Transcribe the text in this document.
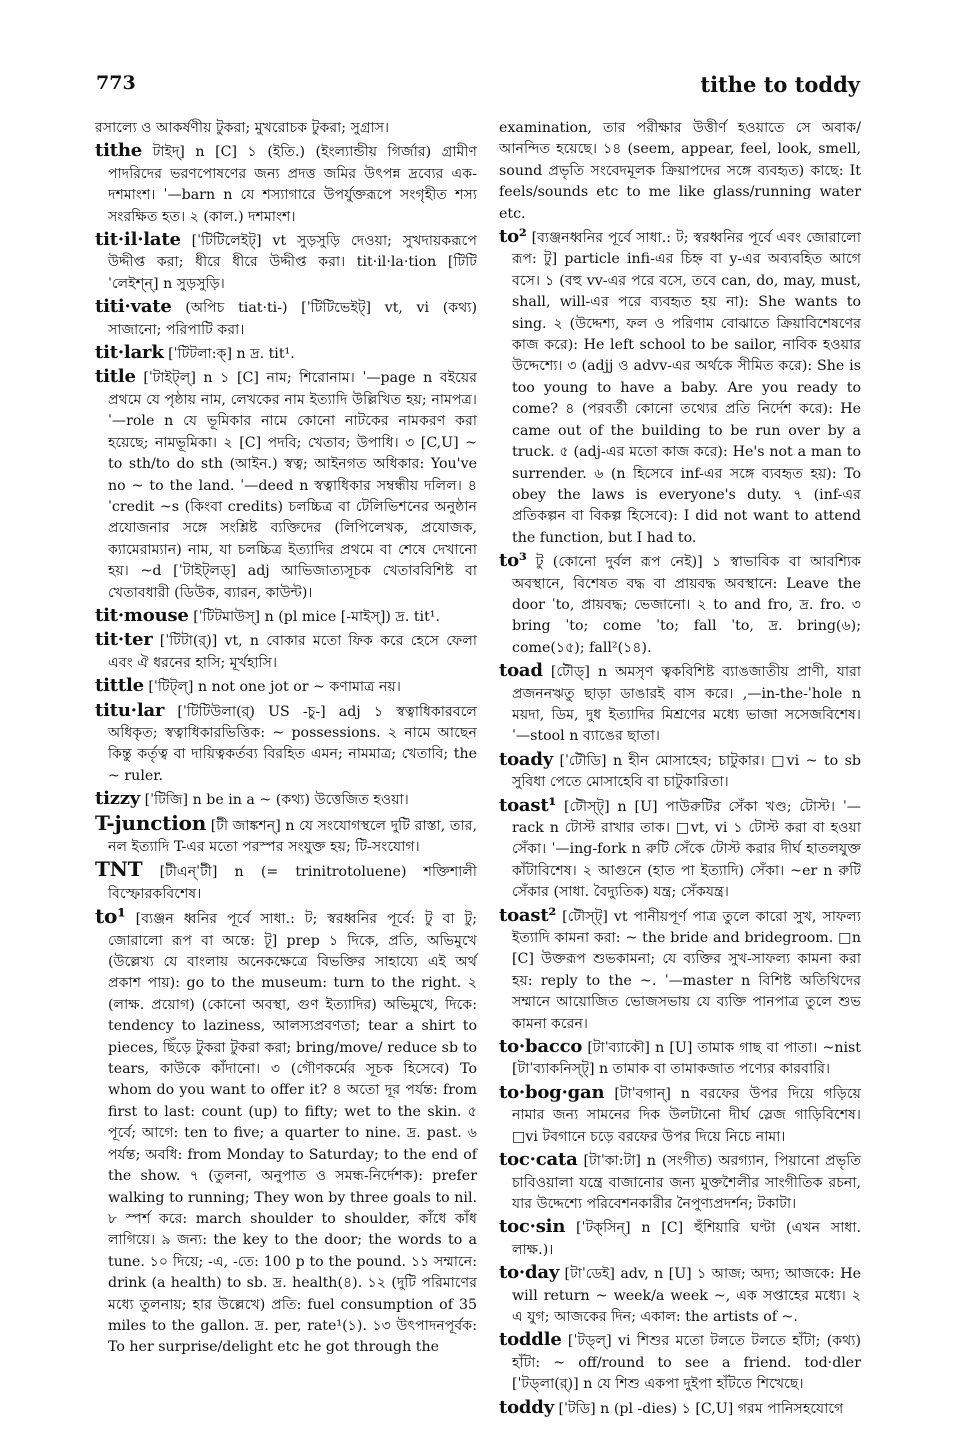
773	tithe to toddy

রসাল্যে ও আকর্ষণীয় টুকরা; মুখরোচক টুকরা; সুগ্রাস।

tithe টাইদ্‌] n [C] ১ (ইতি.) (ইংল্যান্ডীয় গির্জার) গ্রামীণ পাদরিদের ভরণপোষণের জন্য প্রদত্ত জমির উৎপন্ন দ্রব্যের এক-দশমাংশ। ˈ—barn n যে শস্যাগারে উপর্যুক্তরূপে সংগৃহীত শস্য সংরক্ষিত হত। ২ (কাল.) দশমাংশ।

tit·il·late [ˈটিটিলেইট্‌] vt সুড়সুড়ি দেওয়া; সুখদায়করূপে উদ্দীপ্ত করা; ধীরে ধীরে উদ্দীপ্ত করা। tit·il·la·tion [টিটিˈলেইশ্‌ন্‌] n সুড়সুড়ি।

titi·vate (অপিচ tiat·ti-) [ˈটিটিভেইট্‌] vt, vi (কথ্য) সাজানো; পরিপাটি করা।

tit·lark [ˈটিটলা:ক্‌] n দ্র. tit¹.

title [ˈটাইট্‌ল্‌] n ১ [C] নাম; শিরোনাম। ˈ—page n বইয়ের প্রথমে যে পৃষ্ঠায় নাম, লেখকের নাম ইত্যাদি উল্লিখিত হয়; নামপত্র। ˈ—role n যে ভূমিকার নামে কোনো নাটকের নামকরণ করা হয়েছে; নামভূমিকা। ২ [C] পদবি; খেতাব; উপাধি। ৩ [C,U] ~ to sth/to do sth (আইন.) স্বত্ব; আইনগত অধিকার: You've no ~ to the land. ˈ—deed n স্বত্বাধিকার সম্বন্ধীয় দলিল। ৪ ˈcredit ~s (কিংবা credits) চলচ্চিত্র বা টেলিভিশনের অনুষ্ঠান প্রযোজনার সঙ্গে সংশ্লিষ্ট ব্যক্তিদের (লিপিলেখক, প্রযোজক, ক্যামেরাম্যান) নাম, যা চলচ্চিত্র ইত্যাদির প্রথমে বা শেষে দেখানো হয়। ~d [ˈটাইট্‌লড্‌] adj আভিজাত্যসূচক খেতাববিশিষ্ট বা খেতাবধারী (ডিউক, ব্যারন, কাউন্ট)।

tit·mouse [ˈটিটমাউস্‌] n (pl mice [-মাইস্‌]) দ্র. tit¹.

tit·ter [ˈটিটা(র্‌)] vt, n বোকার মতো ফিক করে হেসে ফেলা এবং ঐ ধরনের হাসি; মূর্খহাসি।

tittle [ˈটিট্‌ল্‌] n not one jot or ~ কণামাত্র নয়।

titu·lar [ˈটিটিউলা(র্‌) US -চু-] adj ১ স্বত্বাধিকারবলে অধিকৃত; স্বত্বাধিকারভিত্তিক: ~ possessions. ২ নামে আছেন কিন্তু কর্তৃত্ব বা দায়িত্বকর্তব্য বিরহিত এমন; নামমাত্র; খেতাবি; the ~ ruler.

tizzy [ˈটিজি] n be in a ~ (কথ্য) উত্তেজিত হওয়া।

T-junction [টী জাঙ্কশন্‌] n যে সংযোগস্থলে দুটি রাস্তা, তার, নল ইত্যাদি T-এর মতো পরস্পর সংযুক্ত হয়; টি-সংযোগ।

TNT [টীএন্‌ˈটী] n (= trinitrotoluene) শক্তিশালী বিস্ফোরকবিশেষ।

to¹ [ব্যঞ্জন ধ্বনির পূর্বে সাধা.: ট; স্বরধ্বনির পূর্বে: টু বা টু; জোরালো রূপ বা অন্তে: টূ] prep ১ দিকে, প্রতি, অভিমুখে (উল্লেখ্য যে বাংলায় অনেকক্ষেত্রে বিভক্তির সাহায্যে এই অর্থ প্রকাশ পায়): go to the museum: turn to the right. ২ (লাক্ষ. প্রয়োগ) (কোনো অবস্থা, গুণ ইত্যাদির) অভিমুখে, দিকে: tendency to laziness, আলস্যপ্রবণতা; tear a shirt to pieces, ছিঁড়ে টুকরা টুকরা করা; bring/move/ reduce sb to tears, কাউকে কাঁদানো। ৩ (গৌণকর্মের সূচক হিসেবে) To whom do you want to offer it? ৪ অতো দূর পর্যন্ত: from first to last: count (up) to fifty; wet to the skin. ৫ পূর্বে; আগে: ten to five; a quarter to nine. দ্র. past. ৬ পর্যন্ত; অবধি: from Monday to Saturday; to the end of the show. ৭ (তুলনা, অনুপাত ও সমন্ধ-নির্দেশক): prefer walking to running; They won by three goals to nil. ৮ স্পর্শ করে: march shoulder to shoulder, কাঁধে কাঁধ লাগিয়ে। ৯ জন্য: the key to the door; the words to a tune. ১০ দিয়ে; -এ, -তে: 100 p to the pound. ১১ সম্মানে: drink (a health) to sb. দ্র. health(৪). ১২ (দুটি পরিমাণের মধ্যে তুলনায়; হার উল্লেখে) প্রতি: fuel consumption of 35 miles to the gallon. দ্র. per, rate¹(১). ১৩ উৎপাদনপূর্বক: To her surprise/delight etc he got through the

examination, তার পরীক্ষার উত্তীর্ণ হওয়াতে সে অবাক/ আনন্দিত হয়েছে। ১৪ (seem, appear, feel, look, smell, sound প্রভৃতি সংবেদমূলক ক্রিয়াপদের সঙ্গে ব্যবহৃত) কাছে: It feels/sounds etc to me like glass/running water etc.

to² [ব্যঞ্জনধ্বনির পূর্বে সাধা.: ট; স্বরধ্বনির পূর্বে এবং জোরালো রূপ: টু] particle infi-এর চিহ্ন বা y-এর অব্যবহিত আগে বসে। ১ (বহু vv-এর পরে বসে, তবে can, do, may, must, shall, will-এর পরে ব্যবহৃত হয় না): She wants to sing. ২ (উদ্দেশ্য, ফল ও পরিণাম বোঝাতে ক্রিয়াবিশেষণের কাজ করে): He left school to be sailor, নাবিক হওয়ার উদ্দেশ্যে। ৩ (adjj ও advv-এর অর্থকে সীমিত করে): She is too young to have a baby. Are you ready to come? ৪ (পরবর্তী কোনো তথ্যের প্রতি নির্দেশ করে): He came out of the building to be run over by a truck. ৫ (adj-এর মতো কাজ করে): He's not a man to surrender. ৬ (n হিসেবে inf-এর সঙ্গে ব্যবহৃত হয়): To obey the laws is everyone's duty. ৭ (inf-এর প্রতিকল্পন বা বিকল্প হিসেবে): I did not want to attend the function, but I had to.

to³ টু (কোনো দুর্বল রূপ নেই)] ১ স্বাভাবিক বা আবশ্যিক অবস্থানে, বিশেষত বদ্ধ বা প্রায়বদ্ধ অবস্থানে: Leave the door ˈto, প্রায়বদ্ধ; ভেজানো। ২ to and fro, দ্র. fro. ৩ bring ˈto; come ˈto; fall ˈto, দ্র. bring(৬); come(১৫); fall²(১৪).

toad [টৌড্‌] n অমসৃণ ত্বকবিশিষ্ট ব্যাঙজাতীয় প্রাণী, যারা প্রজননঋতু ছাড়া ডাঙারই বাস করে। ,—in-the-ˈhole n ময়দা, ডিম, দুধ ইত্যাদির মিশ্রণের মধ্যে ভাজা সসেজবিশেষ। ˈ—stool n ব্যাঙের ছাতা।

toady [ˈটৌডি] n হীন মোসাহেব; চাটুকার। □vi ~ to sb সুবিধা পেতে মোসাহেবি বা চাটুকারিতা।

toast¹ [টৌস্‌ট্‌] n [U] পাউরুটির সেঁকা খণ্ড; টোস্ট। ˈ—rack n টোস্ট রাখার তাক। □vt, vi ১ টোস্ট করা বা হওয়া সেঁকা। ˈ—ing-fork n রুটি সেঁকে টোস্ট করার দীর্ঘ হাতলযুক্ত কাঁটাবিশেষ। ২ আগুনে (হাত পা ইত্যাদি) সেঁকা। ~er n রুটি সেঁকার (সাধা. বৈদ্যুতিক) যন্ত্র; সেঁকযন্ত্র।

toast² [টৌস্‌ট্‌] vt পানীয়পূর্ণ পাত্র তুলে কারো সুখ, সাফল্য ইত্যাদি কামনা করা: ~ the bride and bridegroom. □n [C] উক্তরূপ শুভকামনা; যে ব্যক্তির সুখ-সাফল্য কামনা করা হয়: reply to the ~. ˈ—master n বিশিষ্ট অতিথিদের সম্মানে আয়োজিত ভোজসভায় যে ব্যক্তি পানপাত্র তুলে শুভ কামনা করেন।

to·bacco [টাˈব্যাকৌ] n [U] তামাক গাছ বা পাতা। ~nist [টাˈব্যাকনিস্‌ট্‌] n তামাক বা তামাকজাত পণ্যের কারবারি।

to·bog·gan [টাˈবগান্‌] n বরফের উপর দিয়ে গড়িয়ে নামার জন্য সামনের দিক উলটানো দীর্ঘ স্লেজ গাড়িবিশেষ। □vi টবগানে চড়ে বরফের উপর দিয়ে নিচে নামা।

toc·cata [টাˈকা:টা] n (সংগীত) অরগ্যান, পিয়ানো প্রভৃতি চাবিওয়ালা যন্ত্রে বাজানোর জন্য মুক্তশৈলীর সাংগীতিক রচনা, যার উদ্দেশ্যে পরিবেশনকারীর নৈপুণ্যপ্রদর্শন; টকাটা।

toc·sin [ˈটক্‌সিন্‌] n [C] হুঁশিয়ারি ঘণ্টা (এখন সাধা. লাক্ষ.)।

to·day [টাˈডেই] adv, n [U] ১ আজ; অদ্য; আজকে: He will return ~ week/a week ~, এক সপ্তাহের মধ্যে। ২ এ যুগ; আজকের দিন; একাল: the artists of ~.

toddle [ˈটড্‌ল্‌] vi শিশুর মতো টলতে টলতে হাঁটা; (কথ্য) হাঁটা: ~ off/round to see a friend. tod·dler [ˈটড্‌লা(র্‌)] n যে শিশু একপা দুইপা হাঁটতে শিখেছে।

toddy [ˈটডি] n (pl -dies) ১ [C,U] গরম পানিসহযোগে
